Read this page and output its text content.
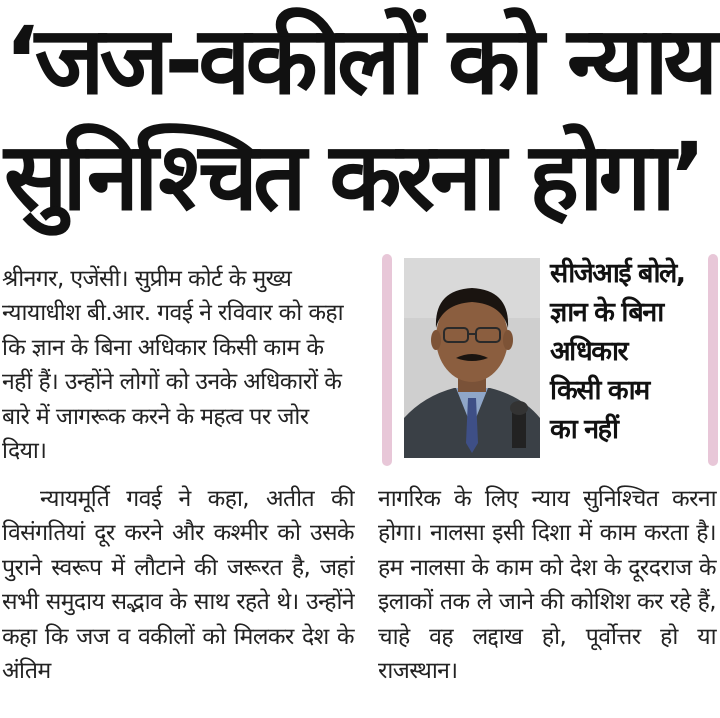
‘जज-वकीलों को न्याय
सुनिश्चित करना होगा’
श्रीनगर, एजेंसी। सुप्रीम कोर्ट के मुख्य न्यायाधीश बी.आर. गवई ने रविवार को कहा कि ज्ञान के बिना अधिकार किसी काम के नहीं हैं। उन्होंने लोगों को उनके अधिकारों के बारे में जागरूक करने के महत्व पर जोर दिया।
सीजेआई बोले,
ज्ञान के बिना
अधिकार
किसी काम
का नहीं
न्यायमूर्ति गवई ने कहा, अतीत की विसंगतियां दूर करने और कश्मीर को उसके पुराने स्वरूप में लौटाने की जरूरत है, जहां सभी समुदाय सद्भाव के साथ रहते थे। उन्होंने कहा कि जज व वकीलों को मिलकर देश के अंतिम
नागरिक के लिए न्याय सुनिश्चित करना होगा। नालसा इसी दिशा में काम करता है। हम नालसा के काम को देश के दूरदराज के इलाकों तक ले जाने की कोशिश कर रहे हैं, चाहे वह लद्दाख हो, पूर्वोत्तर हो या राजस्थान।
